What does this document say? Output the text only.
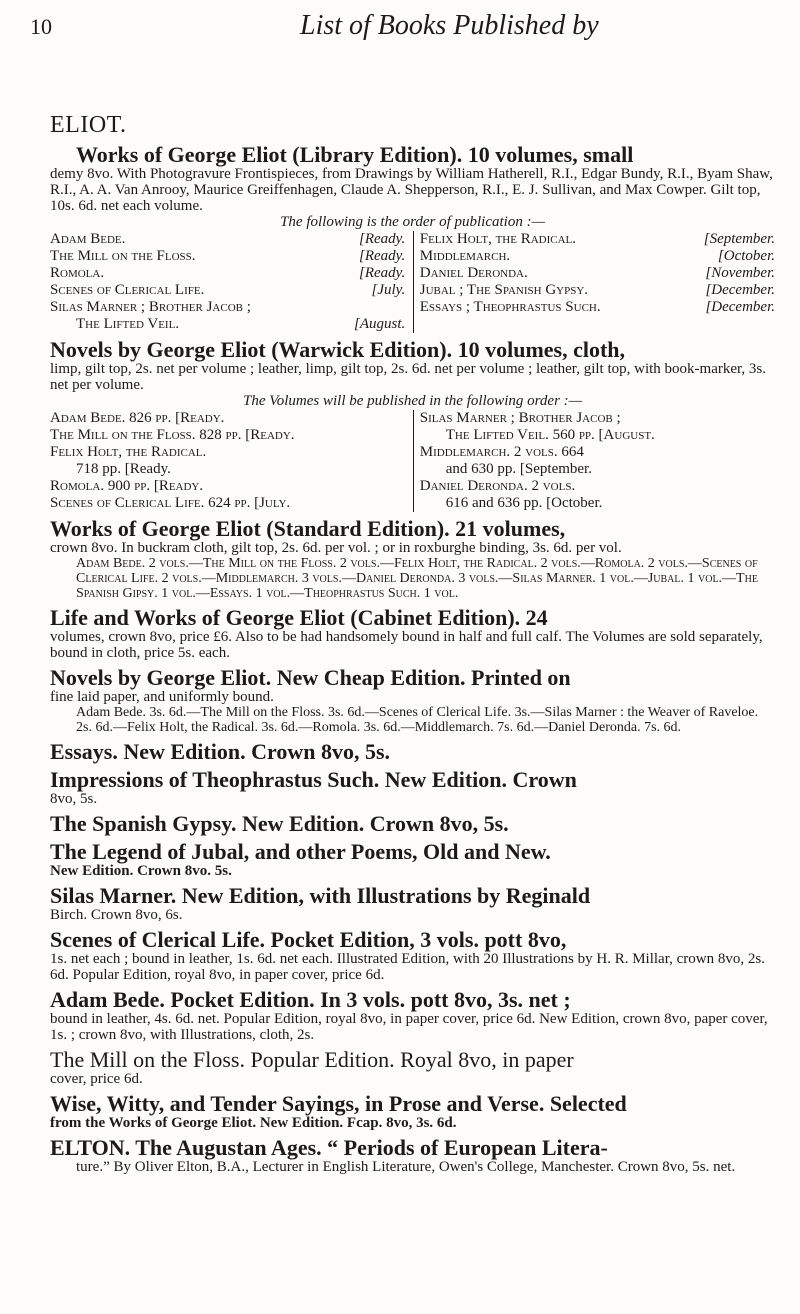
10	List of Books Published by
ELIOT.
Works of George Eliot (Library Edition). 10 volumes, small
demy 8vo. With Photogravure Frontispieces, from Drawings by William Hatherell, R.I., Edgar Bundy, R.I., Byam Shaw, R.I., A. A. Van Anrooy, Maurice Greiffenhagen, Claude A. Shepperson, R.I., E. J. Sullivan, and Max Cowper. Gilt top, 10s. 6d. net each volume.
The following is the order of publication :—
Adam Bede.	[Ready.
The Mill on the Floss.	[Ready.
Romola.	[Ready.
Scenes of Clerical Life.	[July.
Silas Marner ; Brother Jacob ;
The Lifted Veil.	[August.
Felix Holt, the Radical.	[September.
Middlemarch.	[October.
Daniel Deronda.	[November.
Jubal ; The Spanish Gypsy.	[December.
Essays ; Theophrastus Such.	[December.
Novels by George Eliot (Warwick Edition). 10 volumes, cloth,
limp, gilt top, 2s. net per volume ; leather, limp, gilt top, 2s. 6d. net per volume ; leather, gilt top, with book-marker, 3s. net per volume.
The Volumes will be published in the following order :—
Adam Bede. 826 pp. [Ready.
The Mill on the Floss. 828 pp. [Ready.
Felix Holt, the Radical.
718 pp. [Ready.
Romola. 900 pp. [Ready.
Scenes of Clerical Life. 624 pp. [July.
Silas Marner ; Brother Jacob ;
The Lifted Veil. 560 pp. [August.
Middlemarch. 2 vols. 664
and 630 pp. [September.
Daniel Deronda. 2 vols.
616 and 636 pp. [October.
Works of George Eliot (Standard Edition). 21 volumes,
crown 8vo. In buckram cloth, gilt top, 2s. 6d. per vol. ; or in roxburghe binding, 3s. 6d. per vol.
Adam Bede. 2 vols.—The Mill on the Floss. 2 vols.—Felix Holt, the Radical. 2 vols.—Romola. 2 vols.—Scenes of Clerical Life. 2 vols.—Middlemarch. 3 vols.—Daniel Deronda. 3 vols.—Silas Marner. 1 vol.—Jubal. 1 vol.—The Spanish Gipsy. 1 vol.—Essays. 1 vol.—Theophrastus Such. 1 vol.
Life and Works of George Eliot (Cabinet Edition). 24
volumes, crown 8vo, price £6. Also to be had handsomely bound in half and full calf. The Volumes are sold separately, bound in cloth, price 5s. each.
Novels by George Eliot. New Cheap Edition. Printed on
fine laid paper, and uniformly bound.
Adam Bede. 3s. 6d.—The Mill on the Floss. 3s. 6d.—Scenes of Clerical Life. 3s.—Silas Marner : the Weaver of Raveloe. 2s. 6d.—Felix Holt, the Radical. 3s. 6d.—Romola. 3s. 6d.—Middlemarch. 7s. 6d.—Daniel Deronda. 7s. 6d.
Essays. New Edition. Crown 8vo, 5s.
Impressions of Theophrastus Such. New Edition. Crown
8vo, 5s.
The Spanish Gypsy. New Edition. Crown 8vo, 5s.
The Legend of Jubal, and other Poems, Old and New.
New Edition. Crown 8vo. 5s.
Silas Marner. New Edition, with Illustrations by Reginald
Birch. Crown 8vo, 6s.
Scenes of Clerical Life. Pocket Edition, 3 vols. pott 8vo,
1s. net each ; bound in leather, 1s. 6d. net each. Illustrated Edition, with 20 Illustrations by H. R. Millar, crown 8vo, 2s. 6d. Popular Edition, royal 8vo, in paper cover, price 6d.
Adam Bede. Pocket Edition. In 3 vols. pott 8vo, 3s. net ;
bound in leather, 4s. 6d. net. Popular Edition, royal 8vo, in paper cover, price 6d. New Edition, crown 8vo, paper cover, 1s. ; crown 8vo, with Illustrations, cloth, 2s.
The Mill on the Floss. Popular Edition. Royal 8vo, in paper
cover, price 6d.
Wise, Witty, and Tender Sayings, in Prose and Verse. Selected
from the Works of George Eliot. New Edition. Fcap. 8vo, 3s. 6d.
ELTON. The Augustan Ages. “ Periods of European Litera-
ture.” By Oliver Elton, B.A., Lecturer in English Literature, Owen's College, Manchester. Crown 8vo, 5s. net.
